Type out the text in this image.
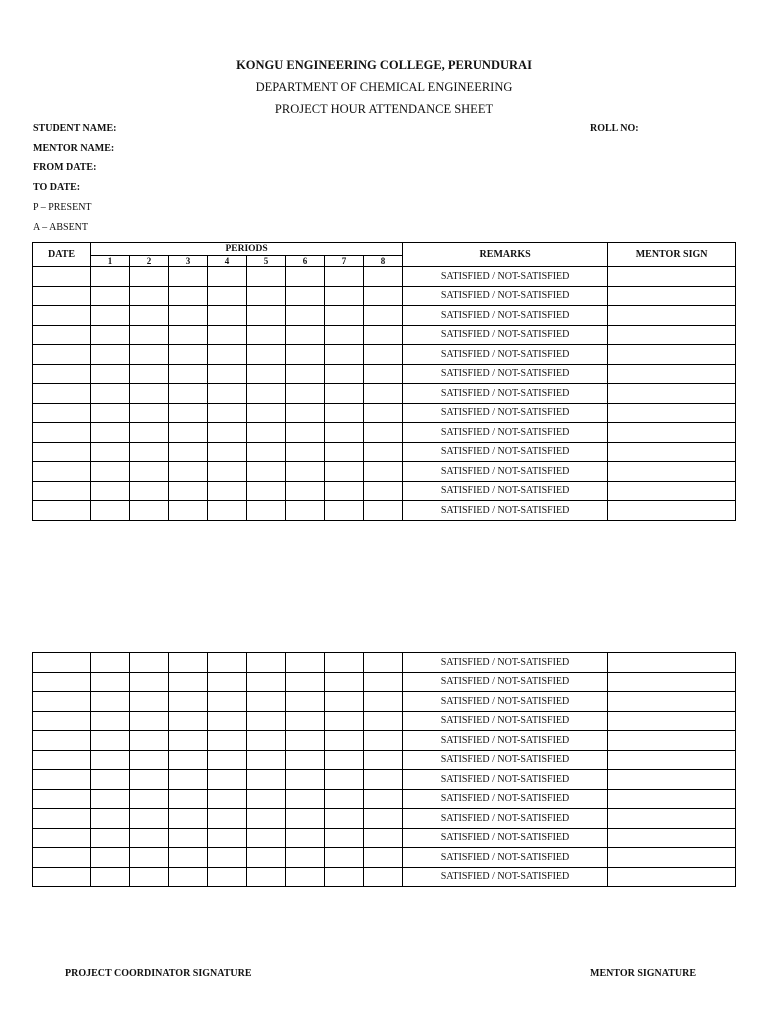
KONGU ENGINEERING COLLEGE, PERUNDURAI
DEPARTMENT OF CHEMICAL ENGINEERING
PROJECT HOUR ATTENDANCE SHEET
STUDENT NAME:	ROLL NO:
MENTOR NAME:
FROM DATE:
TO DATE:
P – PRESENT
A – ABSENT
DATE	PERIODS								REMARKS	MENTOR SIGN
	1	2	3	4	5	6	7	8		
									SATISFIED / NOT-SATISFIED	
									SATISFIED / NOT-SATISFIED	
									SATISFIED / NOT-SATISFIED	
									SATISFIED / NOT-SATISFIED	
									SATISFIED / NOT-SATISFIED	
									SATISFIED / NOT-SATISFIED	
									SATISFIED / NOT-SATISFIED	
									SATISFIED / NOT-SATISFIED	
									SATISFIED / NOT-SATISFIED	
									SATISFIED / NOT-SATISFIED	
									SATISFIED / NOT-SATISFIED	
									SATISFIED / NOT-SATISFIED	
									SATISFIED / NOT-SATISFIED	
									SATISFIED / NOT-SATISFIED	
									SATISFIED / NOT-SATISFIED	
									SATISFIED / NOT-SATISFIED	
									SATISFIED / NOT-SATISFIED	
									SATISFIED / NOT-SATISFIED	
									SATISFIED / NOT-SATISFIED	
									SATISFIED / NOT-SATISFIED	
									SATISFIED / NOT-SATISFIED	
									SATISFIED / NOT-SATISFIED	
									SATISFIED / NOT-SATISFIED	
									SATISFIED / NOT-SATISFIED	
									SATISFIED / NOT-SATISFIED	
PROJECT COORDINATOR SIGNATURE	MENTOR SIGNATURE
